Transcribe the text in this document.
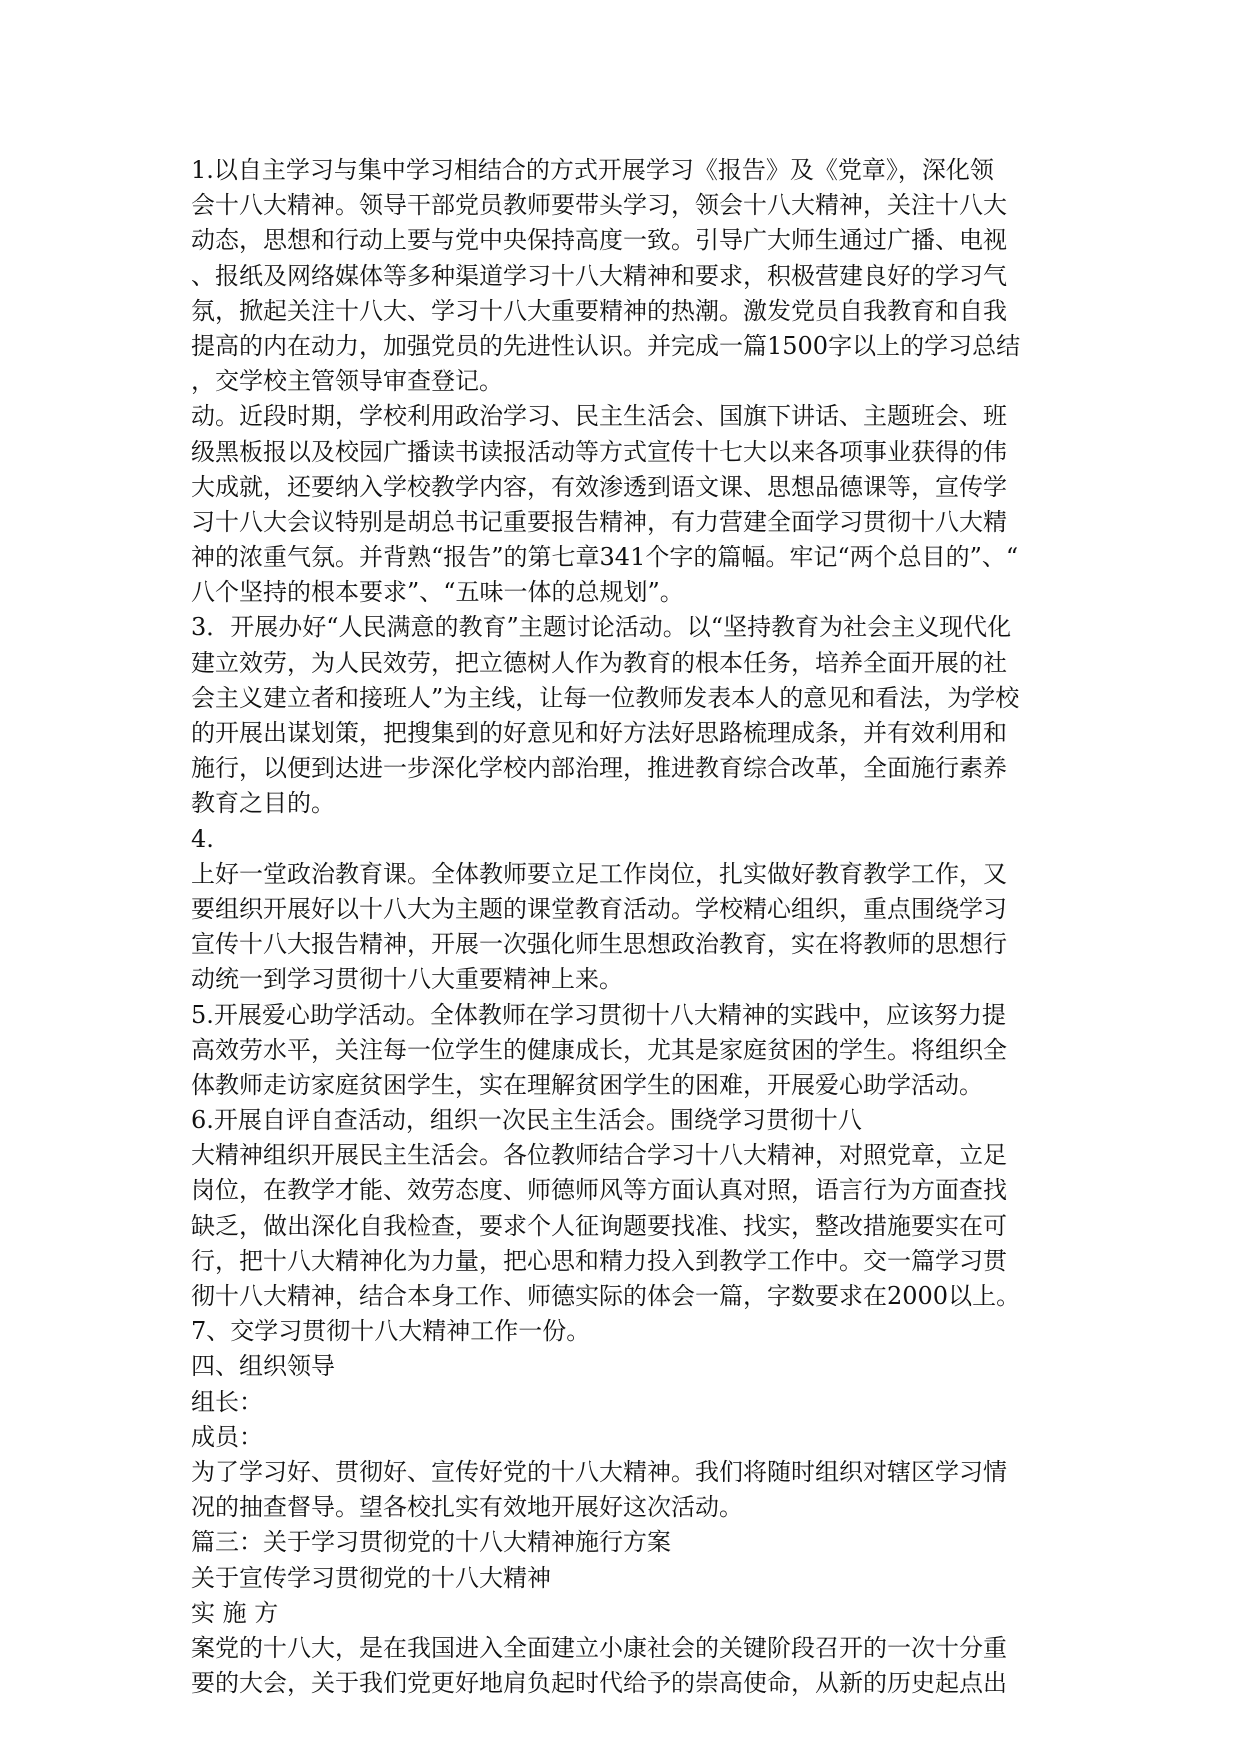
1.以自主学习与集中学习相结合的方式开展学习《报告》及《党章》，深化领
会十八大精神。领导干部党员教师要带头学习，领会十八大精神，关注十八大
动态，思想和行动上要与党中央保持高度一致。引导广大师生通过广播、电视
、报纸及网络媒体等多种渠道学习十八大精神和要求，积极营建良好的学习气
氛，掀起关注十八大、学习十八大重要精神的热潮。激发党员自我教育和自我
提高的内在动力，加强党员的先进性认识。并完成一篇1500字以上的学习总结
，交学校主管领导审查登记。
动。近段时期，学校利用政治学习、民主生活会、国旗下讲话、主题班会、班
级黑板报以及校园广播读书读报活动等方式宣传十七大以来各项事业获得的伟
大成就，还要纳入学校教学内容，有效渗透到语文课、思想品德课等，宣传学
习十八大会议特别是胡总书记重要报告精神，有力营建全面学习贯彻十八大精
神的浓重气氛。并背熟“报告”的第七章341个字的篇幅。牢记“两个总目的”、“
八个坚持的根本要求”、“五味一体的总规划”。
3．开展办好“人民满意的教育”主题讨论活动。以“坚持教育为社会主义现代化
建立效劳，为人民效劳，把立德树人作为教育的根本任务，培养全面开展的社
会主义建立者和接班人”为主线，让每一位教师发表本人的意见和看法，为学校
的开展出谋划策，把搜集到的好意见和好方法好思路梳理成条，并有效利用和
施行，以便到达进一步深化学校内部治理，推进教育综合改革，全面施行素养
教育之目的。
4.
上好一堂政治教育课。全体教师要立足工作岗位，扎实做好教育教学工作，又
要组织开展好以十八大为主题的课堂教育活动。学校精心组织，重点围绕学习
宣传十八大报告精神，开展一次强化师生思想政治教育，实在将教师的思想行
动统一到学习贯彻十八大重要精神上来。
5.开展爱心助学活动。全体教师在学习贯彻十八大精神的实践中，应该努力提
高效劳水平，关注每一位学生的健康成长，尤其是家庭贫困的学生。将组织全
体教师走访家庭贫困学生，实在理解贫困学生的困难，开展爱心助学活动。
6.开展自评自查活动，组织一次民主生活会。围绕学习贯彻十八
大精神组织开展民主生活会。各位教师结合学习十八大精神，对照党章，立足
岗位，在教学才能、效劳态度、师德师风等方面认真对照，语言行为方面查找
缺乏，做出深化自我检查，要求个人征询题要找准、找实，整改措施要实在可
行，把十八大精神化为力量，把心思和精力投入到教学工作中。交一篇学习贯
彻十八大精神，结合本身工作、师德实际的体会一篇，字数要求在2000以上。
7、交学习贯彻十八大精神工作一份。
四、组织领导
组长：
成员：
为了学习好、贯彻好、宣传好党的十八大精神。我们将随时组织对辖区学习情
况的抽查督导。望各校扎实有效地开展好这次活动。
篇三：关于学习贯彻党的十八大精神施行方案
关于宣传学习贯彻党的十八大精神
实 施 方
案党的十八大，是在我国进入全面建立小康社会的关键阶段召开的一次十分重
要的大会，关于我们党更好地肩负起时代给予的崇高使命，从新的历史起点出
